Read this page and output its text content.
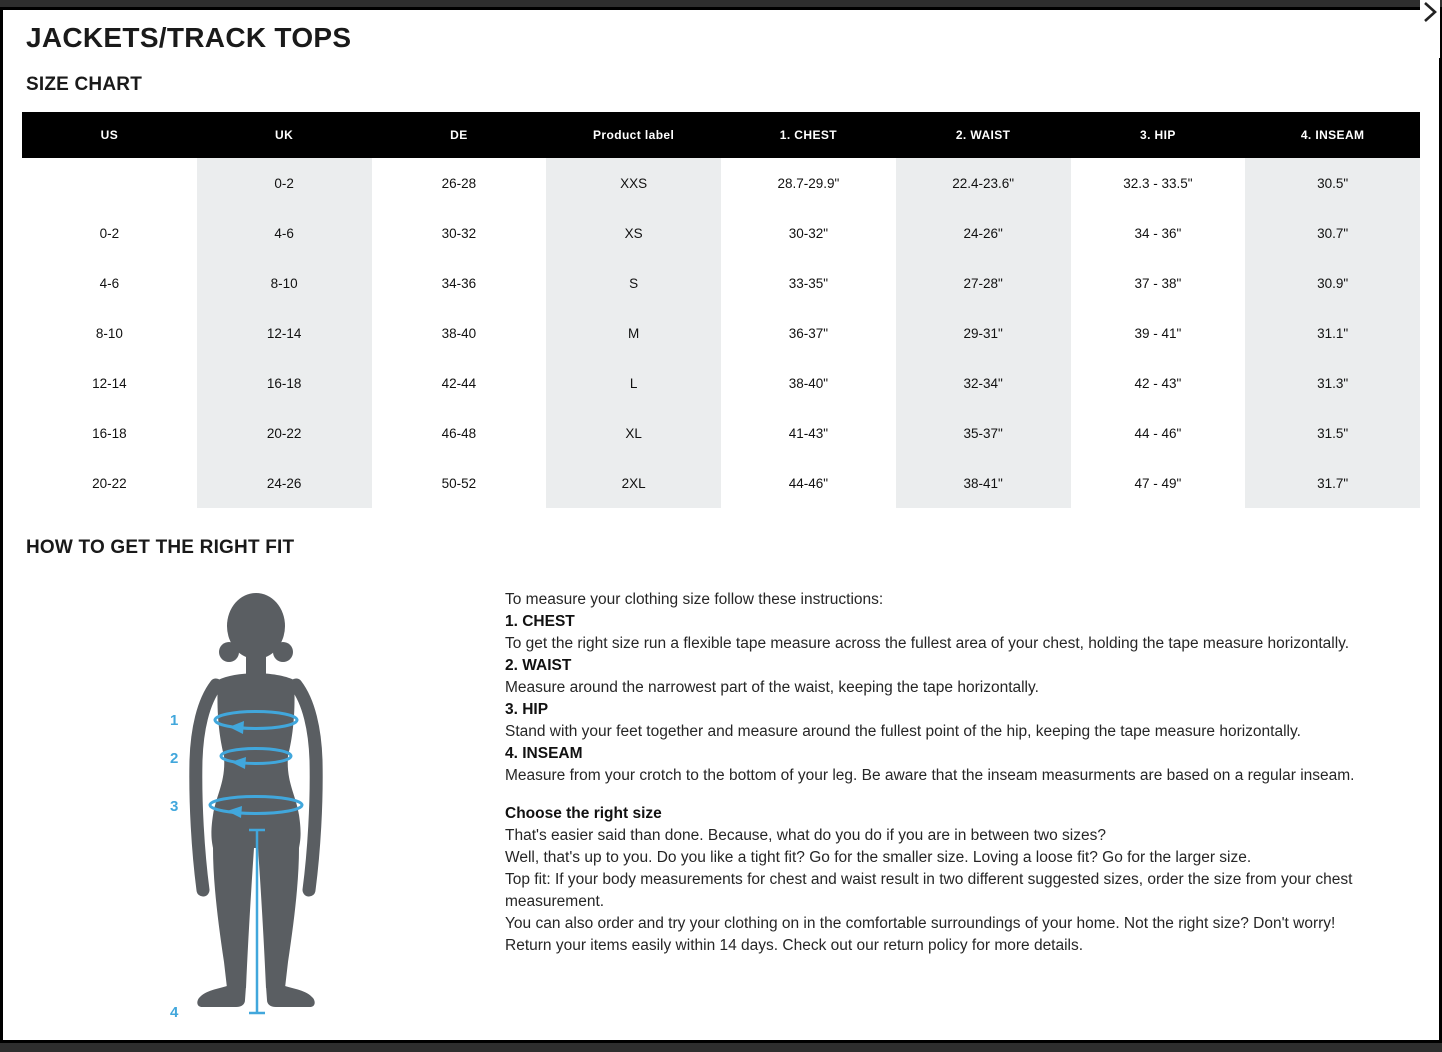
JACKETS/TRACK TOPS
SIZE CHART
US	UK	DE	Product label	1. CHEST	2. WAIST	3. HIP	4. INSEAM
	0-2	26-28	XXS	28.7-29.9"	22.4-23.6"	32.3 - 33.5"	30.5"
0-2	4-6	30-32	XS	30-32"	24-26"	34 - 36"	30.7"
4-6	8-10	34-36	S	33-35"	27-28"	37 - 38"	30.9"
8-10	12-14	38-40	M	36-37"	29-31"	39 - 41"	31.1"
12-14	16-18	42-44	L	38-40"	32-34"	42 - 43"	31.3"
16-18	20-22	46-48	XL	41-43"	35-37"	44 - 46"	31.5"
20-22	24-26	50-52	2XL	44-46"	38-41"	47 - 49"	31.7"
HOW TO GET THE RIGHT FIT
1
2
3
4

To measure your clothing size follow these instructions:

1. CHEST

To get the right size run a flexible tape measure across the fullest area of your chest, holding the tape measure horizontally.

2. WAIST

Measure around the narrowest part of the waist, keeping the tape horizontally.

3. HIP

Stand with your feet together and measure around the fullest point of the hip, keeping the tape measure horizontally.

4. INSEAM

Measure from your crotch to the bottom of your leg. Be aware that the inseam measurments are based on a regular inseam.

Choose the right size

That's easier said than done. Because, what do you do if you are in between two sizes?

Well, that's up to you. Do you like a tight fit? Go for the smaller size. Loving a loose fit? Go for the larger size.

Top fit: If your body measurements for chest and waist result in two different suggested sizes, order the size from your chest measurement.

You can also order and try your clothing on in the comfortable surroundings of your home. Not the right size? Don't worry!

Return your items easily within 14 days. Check out our return policy for more details.
